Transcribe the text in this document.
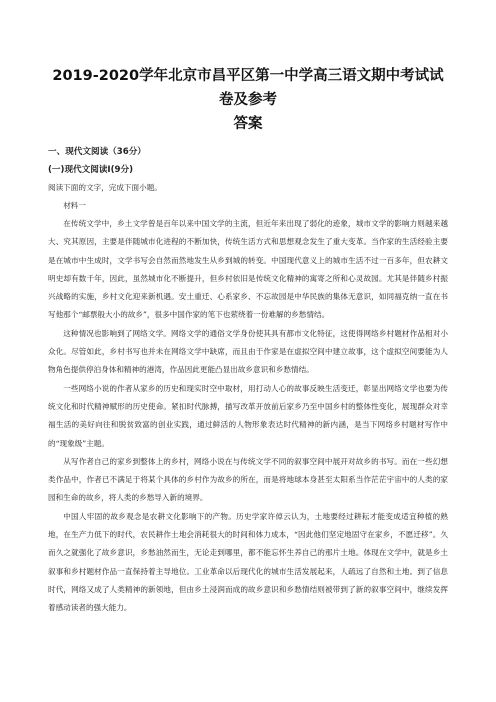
2019-2020学年北京市昌平区第一中学高三语文期中考试试卷及参考
答案
一、现代文阅读（36分）
(一)现代文阅读Ⅰ(9分)
阅读下面的文字，完成下面小题。
材料一

在传统文学中，乡土文学曾是百年以来中国文学的主流，但近年来出现了弱化的迹象，城市文学的影响力则越来越大、究其原因，主要是伴随城市化进程的不断加快，传统生活方式和思想观念发生了重大变革。当作家的生活经验主要是在城市中生成时，文学书写会自然而然地发生从乡到城的转变。中国现代意义上的城市生活不过一百多年，但农耕文明史却有数千年，因此，虽然城市化不断提升，但乡村依旧是传统文化精神的寓寄之所和心灵故园。尤其是伴随乡村振兴战略的实施，乡村文化迎来新机遇。安土重迁、心系家乡、不忘故园是中华民族的集体无意识，如同福克纳一直在书写他那个“邮票般大小的故乡”，很多中国作家的笔下也萦绕着一份难解的乡愁情结。

这种情况也影响到了网络文学。网络文学的通俗文学身份使其具有都市文化特征，这使得网络乡村题材作品相对小众化。尽管如此，乡村书写也并未在网络文学中缺席，而且由于作家是在虚拟空间中建立故事，这个虚拟空间要能为人物角色提供停泊身体和精神的港湾，作品因此更能凸显出故乡意识和乡愁情结。

一些网络小说的作者从家乡的历史和现实时空中取材，用打动人心的故事反映生活变迁，彰显出网络文学也要为传统文化和时代精神赋形的历史使命。紧扣时代脉搏，描写改革开放前后家乡乃至中国乡村的整体性变化，展现群众对幸福生活的美好向往和脱贫致富的创业实践，通过鲜活的人物形象表达时代精神的新内涵，是当下网络乡村题材写作中的“现象级”主题。

从写作者自己的家乡到整体上的乡村，网络小说在与传统文学不同的叙事空间中展开对故乡的书写。而在一些幻想类作品中，作者已不满足于将某个具体的乡村作为故乡的所在，而是将地球本身甚至太阳系当作茫茫宇宙中的人类的家园和生命的故乡，将人类的乡愁导入新的境界。

中国人牢固的故乡观念是农耕文化影响下的产物。历史学家许倬云认为，土地要经过耕耘才能变成适宜种植的熟地，在生产力低下的时代，农民耕作土地会消耗很大的时间和体力成本，“因此他们坚定地固守在家乡，不愿迁移”。久而久之就强化了故乡意识，乡愁油然而生，无论走到哪里，都不能忘怀生养自己的那片土地。体现在文学中，就是乡土叙事和乡村题材作品一直保持着主导地位。工业革命以后现代化的城市生活发展起来，人疏远了自然和土地。到了信息时代，网络又成了人类精神的新领地，但由乡土浸润而成的故乡意识和乡愁情结则被带到了新的叙事空间中，继续发挥着感动读者的强大能力。
